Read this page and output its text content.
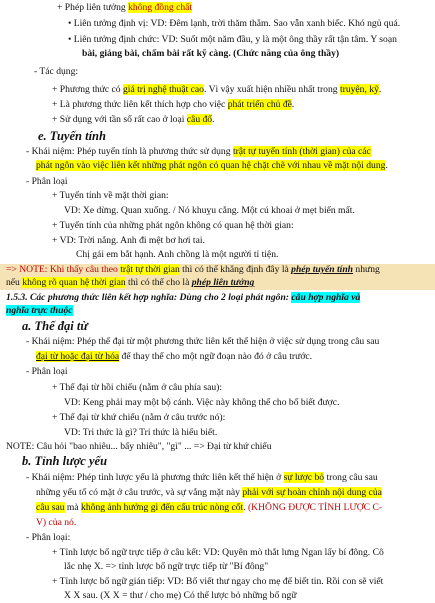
+ Phép liên tưởng không đồng chất
• Liên tưởng định vị: VD: Đêm lạnh, trời thăm thẳm. Sao vẫn xanh biếc. Khó ngủ quá.
• Liên tưởng định chức: VD: Suốt một năm đầu, y là một ông thầy rất tận tâm. Y soạn
bài, giảng bài, chấm bài rất kỹ càng. (Chức năng của ông thầy)
- Tác dụng:
+ Phương thức có giá trị nghệ thuật cao. Vì vậy xuất hiện nhiều nhất trong truyện, kỹ.
+ Là phương thức liên kết thích hợp cho việc phát triển chủ đề.
+ Sử dụng với tần số rất cao ở loại câu đố.
e. Tuyến tính
- Khái niệm: Phép tuyến tính là phương thức sử dụng trật tự tuyến tính (thời gian) của các
phát ngôn vào việc liên kết những phát ngôn có quan hệ chặt chẽ với nhau về mặt nội dung.
- Phân loại
+ Tuyến tính về mặt thời gian:
VD: Xe dừng. Quan xuống. / Nó khuỵu cẳng. Một cú khoai ở mẹt biến mất.
+ Tuyến tính của những phát ngôn không có quan hệ thời gian:
+ VD: Trời nắng. Anh đi mệt bơ hơi tai.
Chị gái em bắt hạnh. Anh chồng là một người tỉ tiện.
=> NOTE: Khi thấy câu theo trật tự thời gian thì có thể khẳng định đây là phép tuyến tính nhưng
nếu không rõ quan hệ thời gian thì có thể cho là phép liên tưởng
1.5.3. Các phương thức liên kết hợp nghĩa: Dùng cho 2 loại phát ngôn: câu hợp nghĩa và
nghĩa trực thuộc
a. Thế đại từ
- Khái niệm: Phép thế đại từ một phương thức liên kết thể hiện ở việc sử dụng trong câu sau
đại từ hoặc đại từ hóa để thay thế cho một ngữ đoạn nào đó ở câu trước.
- Phân loại
+ Thế đại từ hồi chiếu (nằm ở câu phía sau):
VD: Keng phải may một bộ cánh. Việc này không thể cho bố biết được.
+ Thế đại từ khứ chiếu (nằm ở câu trước nó):
VD: Tri thức là gì? Tri thức là hiểu biết.
NOTE: Câu hỏi "bao nhiêu... bấy nhiêu", "gì" ... => Đại từ khứ chiếu
b. Tỉnh lược yếu
- Khái niệm: Phép tỉnh lược yếu là phương thức liên kết thể hiện ở sự lược bỏ trong câu sau
những yếu tố có mặt ở câu trước, và sự vắng mặt này phải với sự hoàn chỉnh nội dung của
câu sau mà không ảnh hưởng gì đến cấu trúc nòng cốt. (KHÔNG ĐƯỢC TỈNH LƯỢC C-
V) của nó.
- Phân loại:
+ Tỉnh lược bổ ngữ trực tiếp ở câu kết: VD: Quyên mò thắt lưng Ngan lấy bí đông. Cô
lắc nhẹ X. => tỉnh lược bổ ngữ trực tiếp từ "Bí đông"
+ Tỉnh lược bổ ngữ gián tiếp: VD: Bố viết thư ngay cho mẹ để biết tin. Rồi con sẽ viết
X X sau. (X X = thư / cho mẹ) Có thể lược bỏ những bổ ngữ
